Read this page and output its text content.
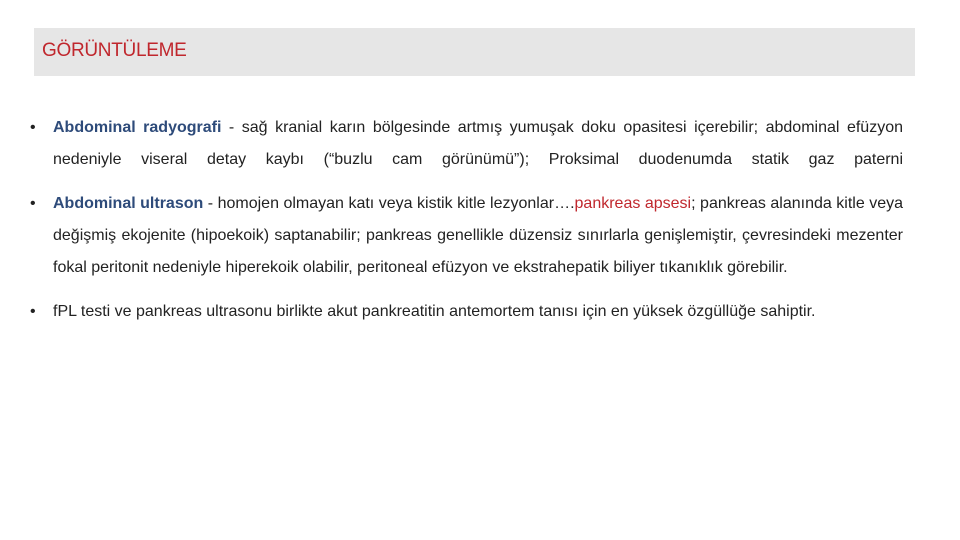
GÖRÜNTÜLEME

•	Abdominal radyografi - sağ kranial karın bölgesinde artmış yumuşak doku opasitesi içerebilir; abdominal efüzyon nedeniyle viseral detay kaybı (“buzlu cam görünümü”); Proksimal duodenumda statik gaz paterni

•	Abdominal ultrason - homojen olmayan katı veya kistik kitle lezyonlar….pankreas apsesi; pankreas alanında kitle veya değişmiş ekojenite (hipoekoik) saptanabilir; pankreas genellikle düzensiz sınırlarla genişlemiştir, çevresindeki mezenter fokal peritonit nedeniyle hiperekoik olabilir, peritoneal efüzyon ve ekstrahepatik biliyer tıkanıklık görebilir.

•	fPL testi ve pankreas ultrasonu birlikte akut pankreatitin antemortem tanısı için en yüksek özgüllüğe sahiptir.
